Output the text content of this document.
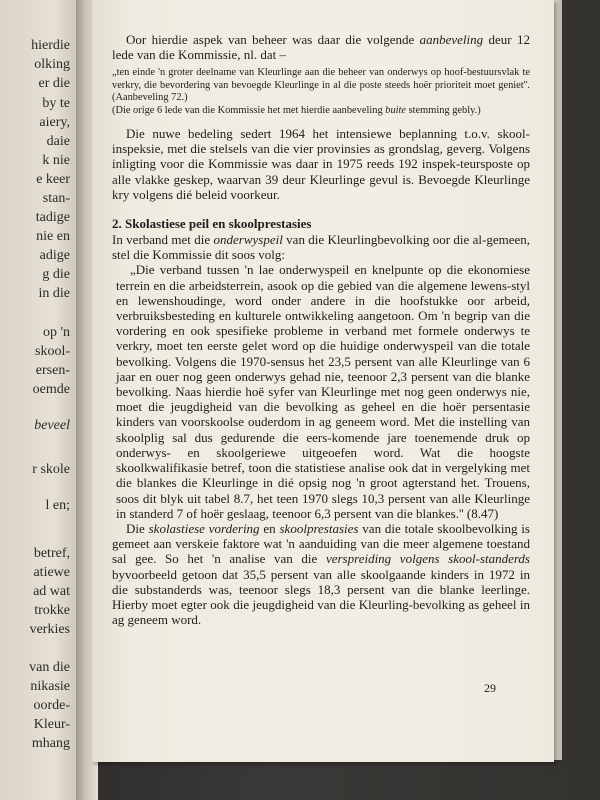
hierdie
olking
er die
by te
aiery,
daie
k nie
e keer
stan-
tadige
nie en
adige
g die
in die
op 'n
skool-
ersen-
oemde
beveel
r skole
l en;
betref,
atiewe
ad wat
trokke
verkies
van die
nikasie
oorde-
Kleur-
mhang

Oor hierdie aspek van beheer was daar die volgende aanbeveling deur 12 lede van die Kommissie, nl. dat –

„ten einde 'n groter deelname van Kleurlinge aan die beheer van onderwys op hoof-bestuursvlak te verkry, die bevordering van bevoegde Kleurlinge in al die poste steeds hoër prioriteit moet geniet''. (Aanbeveling 72.)

(Die orige 6 lede van die Kommissie het met hierdie aanbeveling buite stemming gebly.)

Die nuwe bedeling sedert 1964 het intensiewe beplanning t.o.v. skool-inspeksie, met die stelsels van die vier provinsies as grondslag, geverg. Volgens inligting voor die Kommissie was daar in 1975 reeds 192 inspek-teursposte op alle vlakke geskep, waarvan 39 deur Kleurlinge gevul is. Bevoegde Kleurlinge kry volgens dié beleid voorkeur.

2. Skolastiese peil en skoolprestasies

In verband met die onderwyspeil van die Kleurlingbevolking oor die al-gemeen, stel die Kommissie dit soos volg:

„Die verband tussen 'n lae onderwyspeil en knelpunte op die ekonomiese terrein en die arbeidsterrein, asook op die gebied van die algemene lewens-styl en lewenshoudinge, word onder andere in die hoofstukke oor arbeid, verbruiksbesteding en kulturele ontwikkeling aangetoon. Om 'n begrip van die vordering en ook spesifieke probleme in verband met formele onderwys te verkry, moet ten eerste gelet word op die huidige onderwyspeil van die totale bevolking. Volgens die 1970-sensus het 23,5 persent van alle Kleurlinge van 6 jaar en ouer nog geen onderwys gehad nie, teenoor 2,3 persent van die blanke bevolking. Naas hierdie hoë syfer van Kleurlinge met nog geen onderwys nie, moet die jeugdigheid van die bevolking as geheel en die hoër persentasie kinders van voorskoolse ouderdom in ag geneem word. Met die instelling van skoolplig sal dus gedurende die eers-komende jare toenemende druk op onderwys- en skoolgeriewe uitgeoefen word. Wat die hoogste skoolkwalifikasie betref, toon die statistiese analise ook dat in vergelyking met die blankes die Kleurlinge in dié opsig nog 'n groot agterstand het. Trouens, soos dit blyk uit tabel 8.7, het teen 1970 slegs 10,3 persent van alle Kleurlinge in standerd 7 of hoër geslaag, teenoor 6,3 persent van die blankes.'' (8.47)

Die skolastiese vordering en skoolprestasies van die totale skoolbevolking is gemeet aan verskeie faktore wat 'n aanduiding van die meer algemene toestand sal gee. So het 'n analise van die verspreiding volgens skool-standerds byvoorbeeld getoon dat 35,5 persent van alle skoolgaande kinders in 1972 in die substanderds was, teenoor slegs 18,3 persent van die blanke leerlinge. Hierby moet egter ook die jeugdigheid van die Kleurling-bevolking as geheel in ag geneem word.

29
